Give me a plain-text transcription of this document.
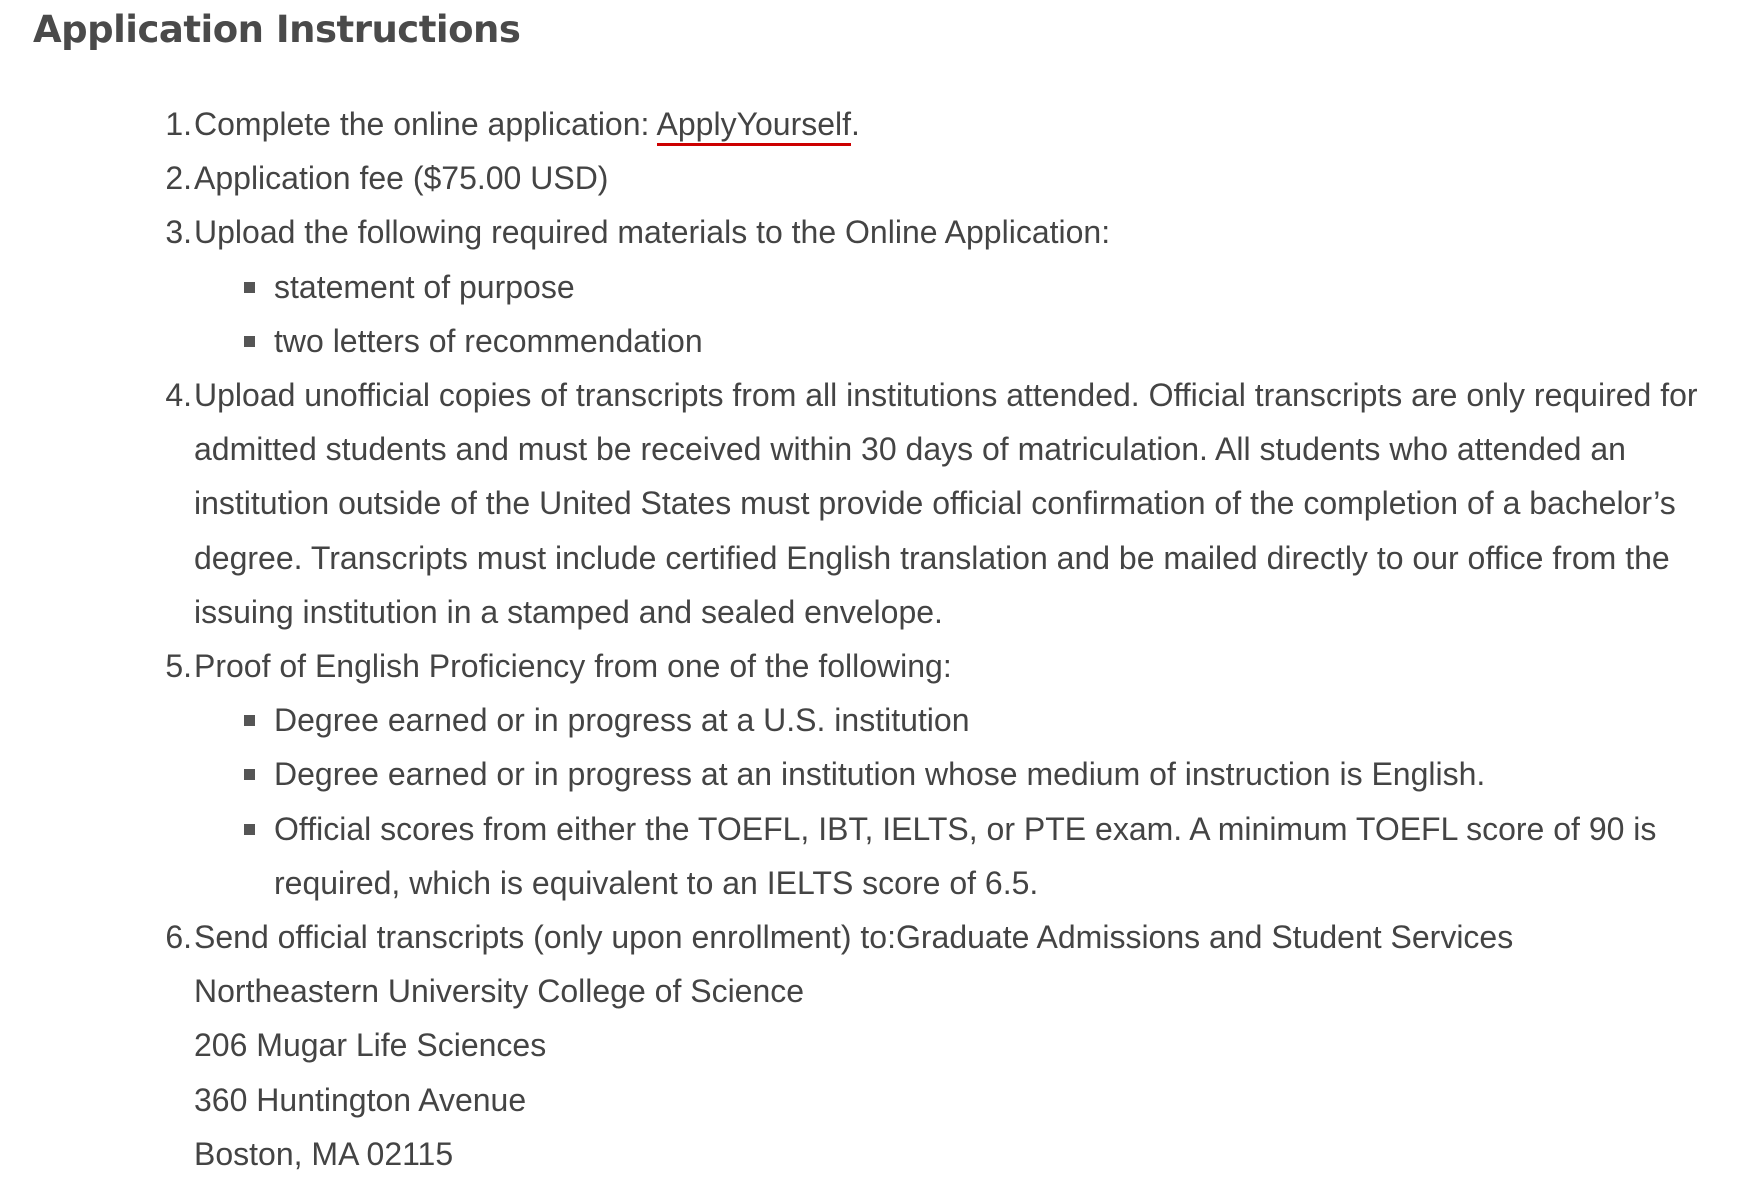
Application Instructions
1. Complete the online application: ApplyYourself.
2. Application fee ($75.00 USD)
3. Upload the following required materials to the Online Application:
statement of purpose
two letters of recommendation
4. Upload unofficial copies of transcripts from all institutions attended. Official transcripts are only required for admitted students and must be received within 30 days of matriculation. All students who attended an institution outside of the United States must provide official confirmation of the completion of a bachelor’s degree. Transcripts must include certified English translation and be mailed directly to our office from the issuing institution in a stamped and sealed envelope.
5. Proof of English Proficiency from one of the following:
Degree earned or in progress at a U.S. institution
Degree earned or in progress at an institution whose medium of instruction is English.
Official scores from either the TOEFL, IBT, IELTS, or PTE exam. A minimum TOEFL score of 90 is required, which is equivalent to an IELTS score of 6.5.
6. Send official transcripts (only upon enrollment) to:Graduate Admissions and Student Services
Northeastern University College of Science
206 Mugar Life Sciences
360 Huntington Avenue
Boston, MA 02115
